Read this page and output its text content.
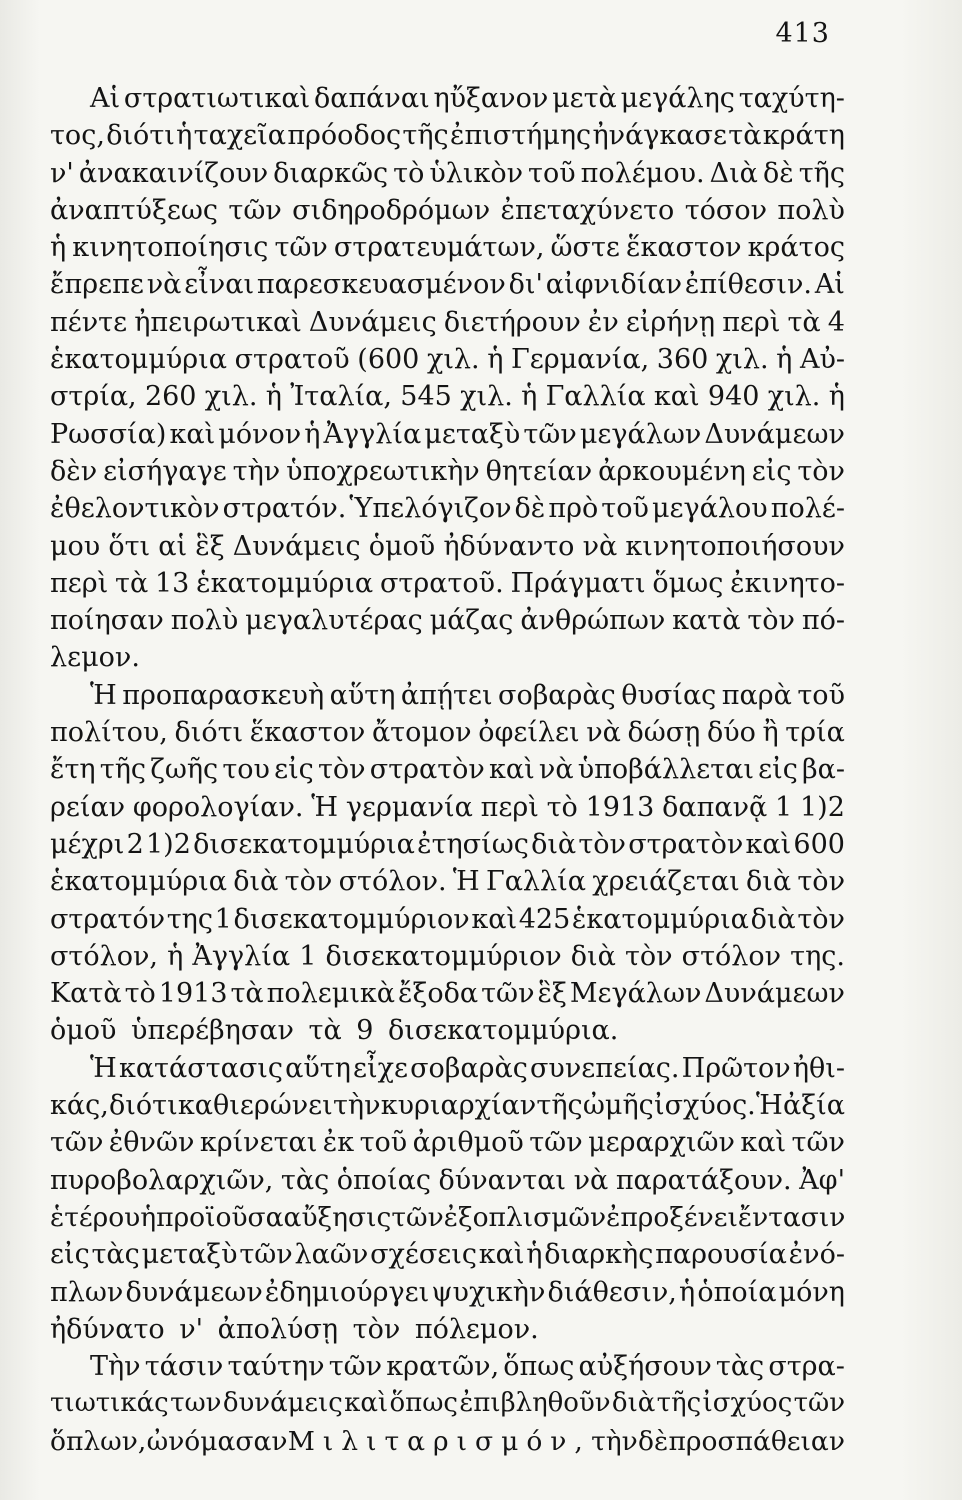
413
Αἱ στρατιωτικαὶ δαπάναι ηὔξανον μετὰ μεγάλης ταχύτη-
τος, διότι ἡ ταχεῖα πρόοδος τῆς ἐπιστήμης ἠνάγκασε τὰ κράτη
ν' ἀνακαινίζουν διαρκῶς τὸ ὑλικὸν τοῦ πολέμου. Διὰ δὲ τῆς
ἀναπτύξεως τῶν σιδηροδρόμων ἐπεταχύνετο τόσον πολὺ
ἡ κινητοποίησις τῶν στρατευμάτων, ὥστε ἕκαστον κράτος
ἔπρεπε νὰ εἶναι παρεσκευασμένον δι' αἰφνιδίαν ἐπίθεσιν. Αἱ
πέντε ἠπειρωτικαὶ Δυνάμεις διετήρουν ἐν εἰρήνῃ περὶ τὰ 4
ἑκατομμύρια στρατοῦ (600 χιλ. ἡ Γερμανία, 360 χιλ. ἡ Αὐ-
στρία, 260 χιλ. ἡ Ἰταλία, 545 χιλ. ἡ Γαλλία καὶ 940 χιλ. ἡ
Ρωσσία) καὶ μόνον ἡ Ἀγγλία μεταξὺ τῶν μεγάλων Δυνάμεων
δὲν εἰσήγαγε τὴν ὑποχρεωτικὴν θητείαν ἀρκουμένη εἰς τὸν
ἐθελοντικὸν στρατόν. Ὑπελόγιζον δὲ πρὸ τοῦ μεγάλου πολέ-
μου ὅτι αἱ ἓξ Δυνάμεις ὁμοῦ ἠδύναντο νὰ κινητοποιήσουν
περὶ τὰ 13 ἑκατομμύρια στρατοῦ. Πράγματι ὅμως ἐκινητο-
ποίησαν πολὺ μεγαλυτέρας μάζας ἀνθρώπων κατὰ τὸν πό-
λεμον.
Ἡ προπαρασκευὴ αὕτη ἀπῄτει σοβαρὰς θυσίας παρὰ τοῦ
πολίτου, διότι ἕκαστον ἄτομον ὀφείλει νὰ δώσῃ δύο ἢ τρία
ἔτη τῆς ζωῆς του εἰς τὸν στρατὸν καὶ νὰ ὑποβάλλεται εἰς βα-
ρείαν φορολογίαν. Ἡ γερμανία περὶ τὸ 1913 δαπανᾷ 1 1)2
μέχρι 2 1)2 δισεκατομμύρια ἐτησίως διὰ τὸν στρατὸν καὶ 600
ἑκατομμύρια διὰ τὸν στόλον. Ἡ Γαλλία χρειάζεται διὰ τὸν
στρατόν της 1 δισεκατομμύριον καὶ 425 ἑκατομμύρια διὰ τὸν
στόλον, ἡ Ἀγγλία 1 δισεκατομμύριον διὰ τὸν στόλον της.
Κατὰ τὸ 1913 τὰ πολεμικὰ ἔξοδα τῶν ἓξ Μεγάλων Δυνάμεων
ὁμοῦ ὑπερέβησαν τὰ 9 δισεκατομμύρια.
Ἡ κατάστασις αὕτη εἶχε σοβαρὰς συνεπείας. Πρῶτον ἠθι-
κάς, διότι καθιερώνει τὴν κυριαρχίαν τῆς ὠμῆς ἰσχύος. Ἡ ἀξία
τῶν ἐθνῶν κρίνεται ἐκ τοῦ ἀριθμοῦ τῶν μεραρχιῶν καὶ τῶν
πυροβολαρχιῶν, τὰς ὁποίας δύνανται νὰ παρατάξουν. Ἀφ'
ἑτέρου ἡ προϊοῦσα αὔξησις τῶν ἐξοπλισμῶν ἐπροξένει ἔντασιν
εἰς τὰς μεταξὺ τῶν λαῶν σχέσεις καὶ ἡ διαρκὴς παρουσία ἐνό-
πλων δυνάμεων ἐδημιούργει ψυχικὴν διάθεσιν, ἡ ὁποία μόνη
ἠδύνατο ν' ἀπολύσῃ τὸν πόλεμον.
Τὴν τάσιν ταύτην τῶν κρατῶν, ὅπως αὐξήσουν τὰς στρα-
τιωτικάς των δυνάμεις καὶ ὅπως ἐπιβληθοῦν διὰ τῆς ἰσχύος τῶν
ὅπλων, ὠνόμασαν Μιλιταρισμόν, τὴν δὲ προσπάθειαν
